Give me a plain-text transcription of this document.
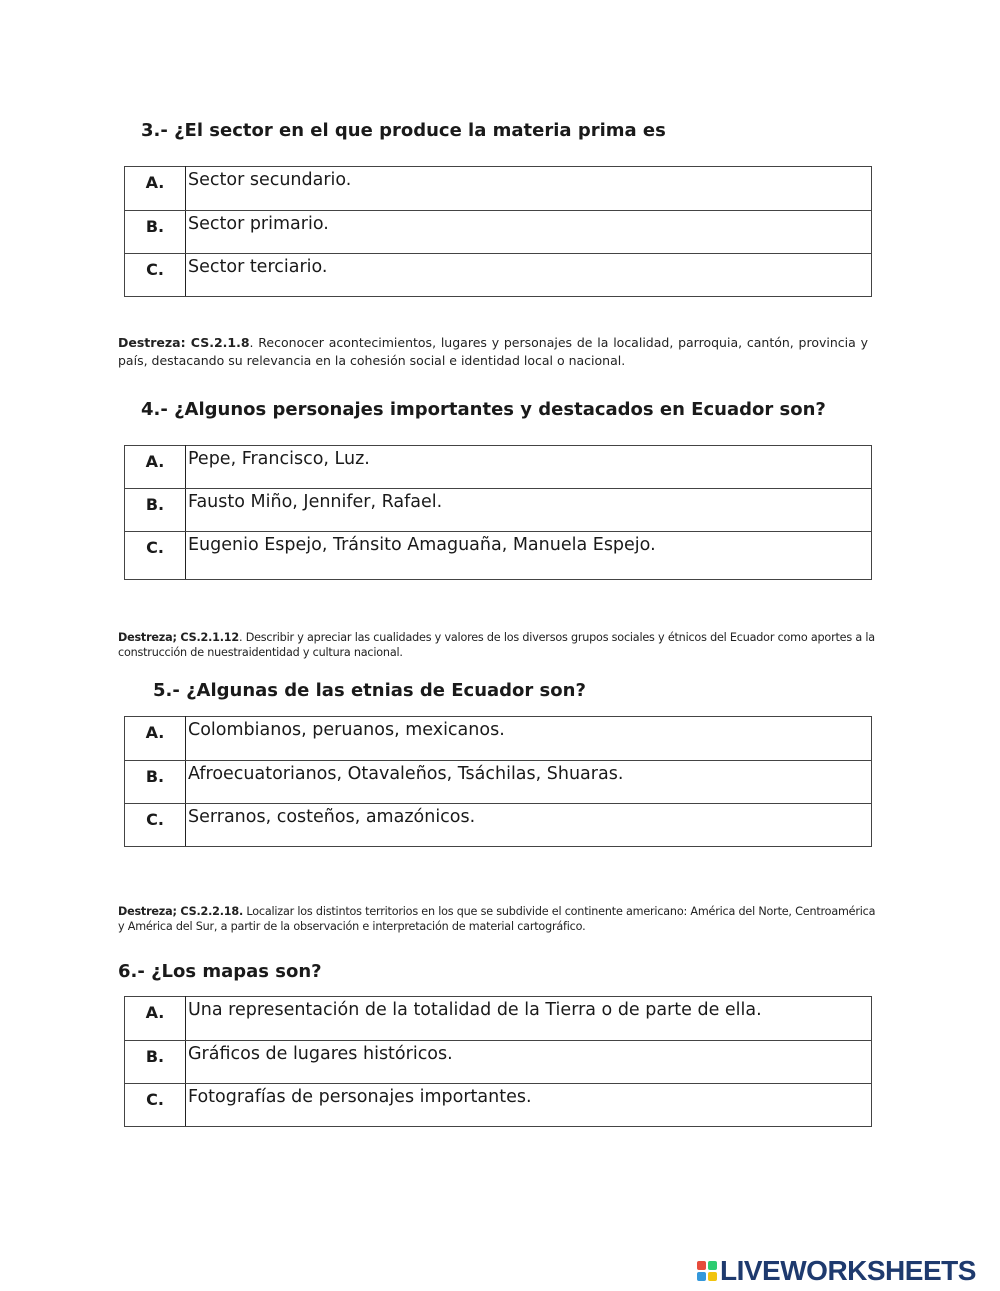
3.- ¿El sector en el que produce la materia prima es

A.	Sector secundario.
B.	Sector primario.
C.	Sector terciario.

Destreza: CS.2.1.8. Reconocer acontecimientos, lugares y personajes de la localidad, parroquia, cantón, provincia y país, destacando su relevancia en la cohesión social e identidad local o nacional.

4.- ¿Algunos personajes importantes y destacados en Ecuador son?

A.	Pepe, Francisco, Luz.
B.	Fausto Miño, Jennifer, Rafael.
C.	Eugenio Espejo, Tránsito Amaguaña, Manuela Espejo.

Destreza; CS.2.1.12. Describir y apreciar las cualidades y valores de los diversos grupos sociales y étnicos del Ecuador como aportes a la construcción de nuestraidentidad y cultura nacional.

5.- ¿Algunas de las etnias de Ecuador son?

A.	Colombianos, peruanos, mexicanos.
B.	Afroecuatorianos, Otavaleños, Tsáchilas, Shuaras.
C.	Serranos, costeños, amazónicos.

Destreza; CS.2.2.18. Localizar los distintos territorios en los que se subdivide el continente americano: América del Norte, Centroamérica y América del Sur, a partir de la observación e interpretación de material cartográfico.

6.- ¿Los mapas son?

A.	Una representación de la totalidad de la Tierra o de parte de ella.
B.	Gráficos de lugares históricos.
C.	Fotografías de personajes importantes.
LIVEWORKSHEETS
